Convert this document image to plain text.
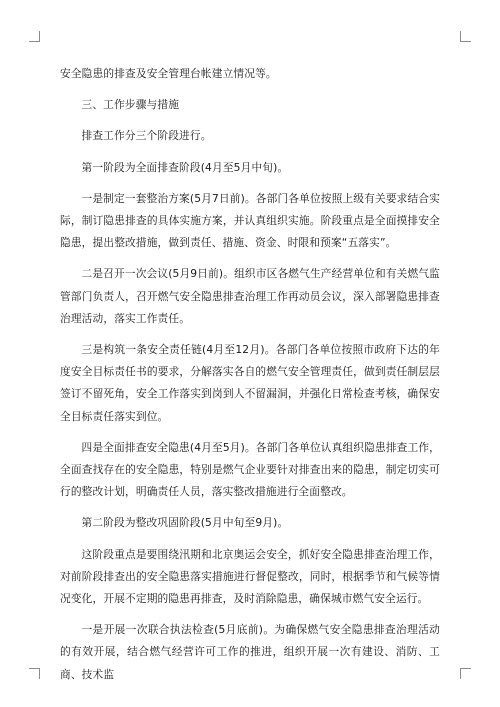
安全隐患的排查及安全管理台帐建立情况等。

三、工作步骤与措施

排查工作分三个阶段进行。

第一阶段为全面排查阶段(4月至5月中旬)。

一是制定一套整治方案(5月7日前)。各部门各单位按照上级有关要求结合实际，制订隐患排查的具体实施方案，并认真组织实施。阶段重点是全面摸排安全隐患，提出整改措施，做到责任、措施、资金、时限和预案“五落实”。

二是召开一次会议(5月9日前)。组织市区各燃气生产经营单位和有关燃气监管部门负责人，召开燃气安全隐患排查治理工作再动员会议，深入部署隐患排查治理活动，落实工作责任。

三是构筑一条安全责任链(4月至12月)。各部门各单位按照市政府下达的年度安全目标责任书的要求，分解落实各自的燃气安全管理责任，做到责任制层层签订不留死角，安全工作落实到岗到人不留漏洞，并强化日常检查考核，确保安全目标责任落实到位。

四是全面排查安全隐患(4月至5月)。各部门各单位认真组织隐患排查工作，全面查找存在的安全隐患，特别是燃气企业要针对排查出来的隐患，制定切实可行的整改计划，明确责任人员，落实整改措施进行全面整改。

第二阶段为整改巩固阶段(5月中旬至9月)。

这阶段重点是要围绕汛期和北京奥运会安全，抓好安全隐患排查治理工作，对前阶段排查出的安全隐患落实措施进行督促整改，同时，根据季节和气候等情况变化，开展不定期的隐患再排查，及时消除隐患，确保城市燃气安全运行。

一是开展一次联合执法检查(5月底前)。为确保燃气安全隐患排查治理活动的有效开展，结合燃气经营许可工作的推进，组织开展一次有建设、消防、工商、技术监
